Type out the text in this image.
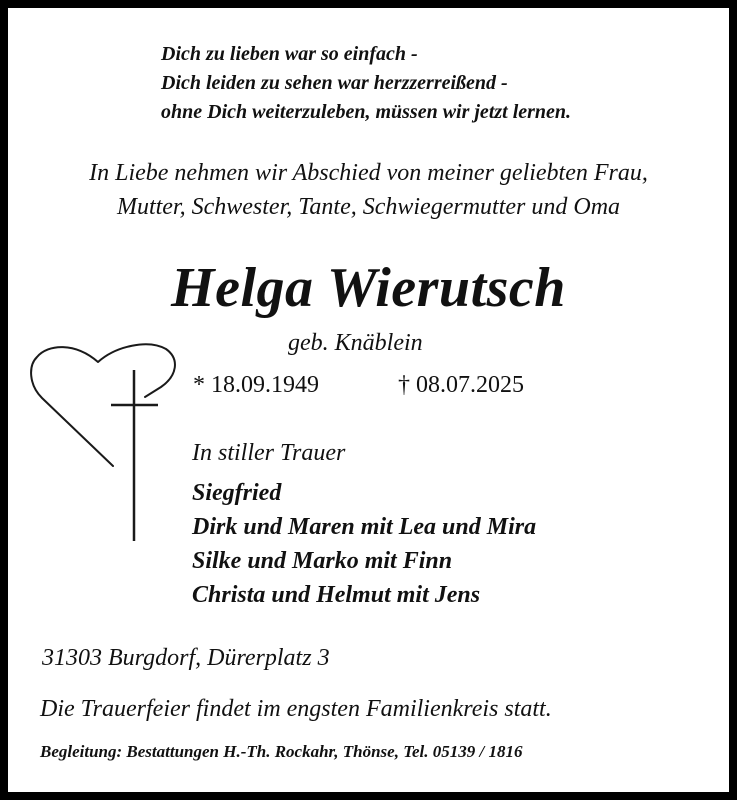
Dich zu lieben war so einfach -
Dich leiden zu sehen war herzzerreißend -
ohne Dich weiterzuleben, müssen wir jetzt lernen.
In Liebe nehmen wir Abschied von meiner geliebten Frau,
Mutter, Schwester, Tante, Schwiegermutter und Oma
Helga Wierutsch
geb. Knäblein
* 18.09.1949	† 08.07.2025
In stiller Trauer
Siegfried
Dirk und Maren mit Lea und Mira
Silke und Marko mit Finn
Christa und Helmut mit Jens
31303 Burgdorf, Dürerplatz 3
Die Trauerfeier findet im engsten Familienkreis statt.
Begleitung: Bestattungen H.-Th. Rockahr, Thönse, Tel. 05139 / 1816
